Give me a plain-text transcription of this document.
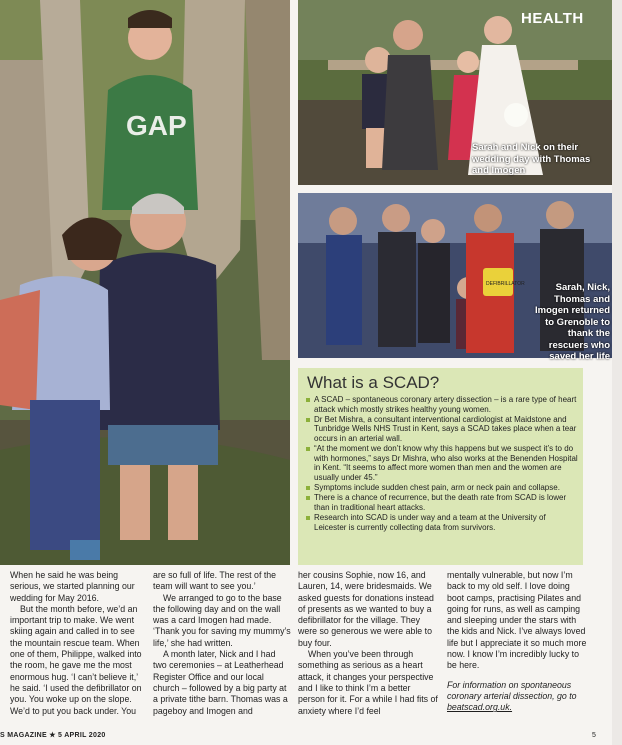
GAP
DEFIBRILLATOR
HEALTH
Sarah and Nick on their wedding day with Thomas and Imogen
Sarah, Nick, Thomas and Imogen returned to Grenoble to thank the rescuers who saved her life
What is a SCAD?
A SCAD – spontaneous coronary artery dissection – is a rare type of heart attack which mostly strikes healthy young women.
Dr Bet Mishra, a consultant interventional cardiologist at Maidstone and Tunbridge Wells NHS Trust in Kent, says a SCAD takes place when a tear occurs in an arterial wall.
“At the moment we don’t know why this happens but we suspect it’s to do with hormones,” says Dr Mishra, who also works at the Benenden Hospital in Kent. “It seems to affect more women than men and the women are usually under 45.”
Symptoms include sudden chest pain, arm or neck pain and collapse.
There is a chance of recurrence, but the death rate from SCAD is lower than in traditional heart attacks.
Research into SCAD is under way and a team at the University of Leicester is currently collecting data from survivors.

When he said he was being serious, we started planning our wedding for May 2016.

But the month before, we’d an important trip to make. We went skiing again and called in to see the mountain rescue team. When one of them, Philippe, walked into the room, he gave me the most enormous hug. ‘I can’t believe it,’ he said. ‘I used the defibrillator on you. You woke up on the slope. We’d to put you back under. You

are so full of life. The rest of the team will want to see you.’

We arranged to go to the base the following day and on the wall was a card Imogen had made. ‘Thank you for saving my mummy’s life,’ she had written.

A month later, Nick and I had two ceremonies – at Leatherhead Register Office and our local church – followed by a big party at a private tithe barn. Thomas was a pageboy and Imogen and

her cousins Sophie, now 16, and Lauren, 14, were bridesmaids. We asked guests for donations instead of presents as we wanted to buy a defibrillator for the village. They were so generous we were able to buy four.

When you’ve been through something as serious as a heart attack, it changes your perspective and I like to think I’m a better person for it. For a while I had fits of anxiety where I’d feel

mentally vulnerable, but now I’m back to my old self. I love doing boot camps, practising Pilates and going for runs, as well as camping and sleeping under the stars with the kids and Nick. I’ve always loved life but I appreciate it so much more now. I know I’m incredibly lucky to be here.

For information on spontaneous coronary arterial dissection, go to beatscad.org.uk.

S MAGAZINE ★ 5 APRIL 2020	5
